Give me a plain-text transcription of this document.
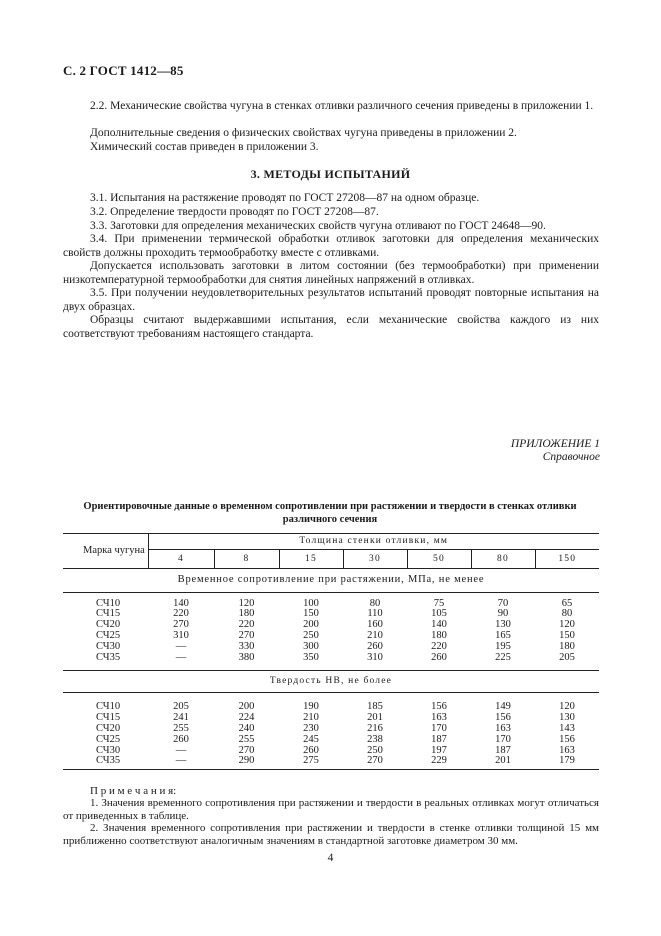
С. 2 ГОСТ 1412—85
2.2. Механические свойства чугуна в стенках отливки различного сечения приведены в приложении 1.
Дополнительные сведения о физических свойствах чугуна приведены в приложении 2.
Химический состав приведен в приложении 3.
3. МЕТОДЫ ИСПЫТАНИЙ
3.1. Испытания на растяжение проводят по ГОСТ 27208—87 на одном образце.
3.2. Определение твердости проводят по ГОСТ 27208—87.
3.3. Заготовки для определения механических свойств чугуна отливают по ГОСТ 24648—90.
3.4. При применении термической обработки отливок заготовки для определения механических свойств должны проходить термообработку вместе с отливками.
Допускается использовать заготовки в литом состоянии (без термообработки) при применении низкотемпературной термообработки для снятия линейных напряжений в отливках.
3.5. При получении неудовлетворительных результатов испытаний проводят повторные испытания на двух образцах.
Образцы считают выдержавшими испытания, если механические свойства каждого из них соответствуют требованиям настоящего стандарта.
ПРИЛОЖЕНИЕ 1
Справочное
Ориентировочные данные о временном сопротивлении при растяжении и твердости в стенках отливки различного сечения
Марка чугуна	Толщина стенки отливки, мм						
	4	8	15	30	50	80	150
Временное сопротивление при растяжении, МПа, не менее							

СЧ10	140	120	100	80	75	70	65
СЧ15	220	180	150	110	105	90	80
СЧ20	270	220	200	160	140	130	120
СЧ25	310	270	250	210	180	165	150
СЧ30	—	330	300	260	220	195	180
СЧ35	—	380	350	310	260	225	205

Твердость НВ, не более							

СЧ10	205	200	190	185	156	149	120
СЧ15	241	224	210	201	163	156	130
СЧ20	255	240	230	216	170	163	143
СЧ25	260	255	245	238	187	170	156
СЧ30	—	270	260	250	197	187	163
СЧ35	—	290	275	270	229	201	179
П р и м е ч а н и я:
1. Значения временного сопротивления при растяжении и твердости в реальных отливках могут отличаться от приведенных в таблице.
2. Значения временного сопротивления при растяжении и твердости в стенке отливки толщиной 15 мм приближенно соответствуют аналогичным значениям в стандартной заготовке диаметром 30 мм.
4
